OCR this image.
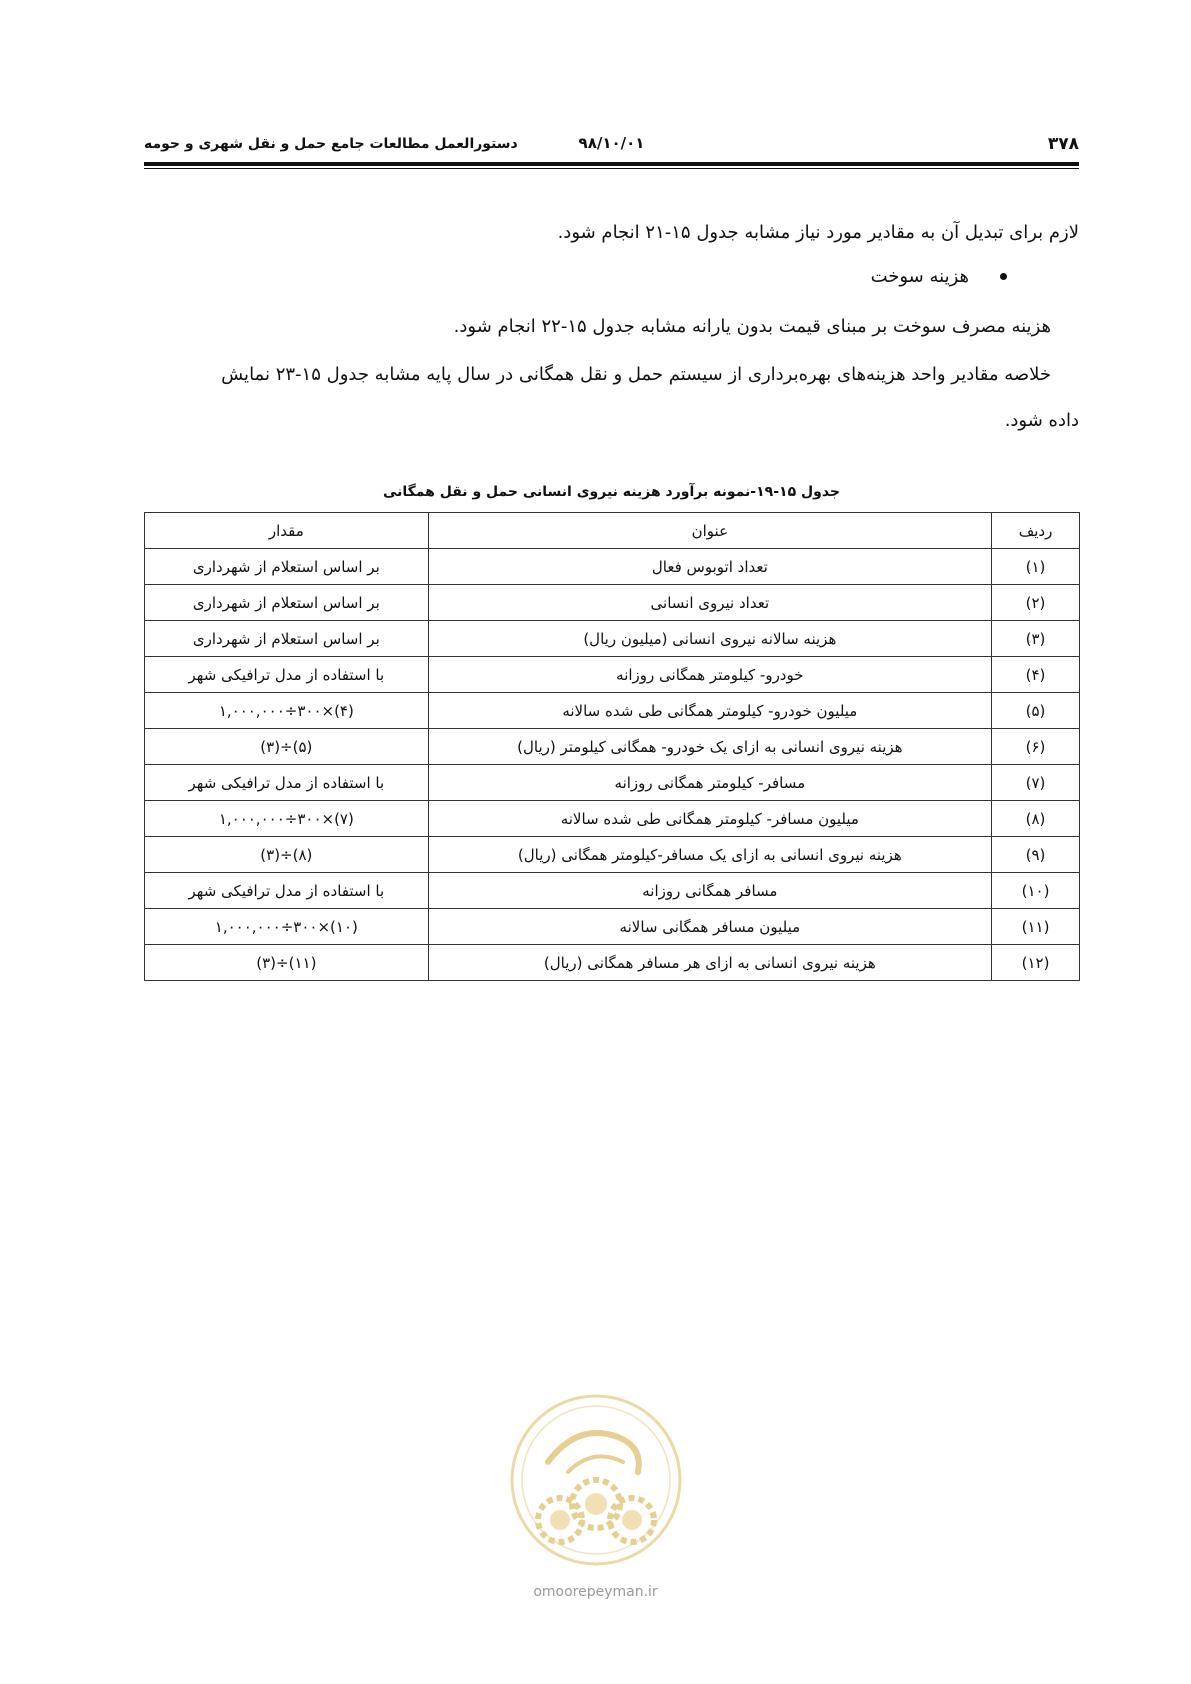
۳۷۸
۹۸/۱۰/۰۱
دستورالعمل مطالعات جامع حمل و نقل شهری و حومه
لازم برای تبدیل آن به مقادیر مورد نیاز مشابه جدول ۱۵-۲۱ انجام شود.
هزینه سوخت
هزینه مصرف سوخت بر مبنای قیمت بدون یارانه مشابه جدول ۱۵-۲۲ انجام شود.
خلاصه مقادیر واحد هزینه‌های بهره‌برداری از سیستم حمل و نقل همگانی در سال پایه مشابه جدول ۱۵-۲۳ نمایش
داده شود.
جدول ۱۵-۱۹-نمونه برآورد هزینه نیروی انسانی حمل و نقل همگانی
ردیف	عنوان	مقدار
(۱)	تعداد اتوبوس فعال	بر اساس استعلام از شهرداری
(۲)	تعداد نیروی انسانی	بر اساس استعلام از شهرداری
(۳)	هزینه سالانه نیروی انسانی (میلیون ریال)	بر اساس استعلام از شهرداری
(۴)	خودرو- کیلومتر همگانی روزانه	با استفاده از مدل ترافیکی شهر
(۵)	میلیون خودرو- کیلومتر همگانی طی شده سالانه	(۴)×۳۰۰÷۱,۰۰۰,۰۰۰
(۶)	هزینه نیروی انسانی به ازای یک خودرو- همگانی کیلومتر (ریال)	(۵)÷(۳)
(۷)	مسافر- کیلومتر همگانی روزانه	با استفاده از مدل ترافیکی شهر
(۸)	میلیون مسافر- کیلومتر همگانی طی شده سالانه	(۷)×۳۰۰÷۱,۰۰۰,۰۰۰
(۹)	هزینه نیروی انسانی به ازای یک مسافر-کیلومتر همگانی (ریال)	(۸)÷(۳)
(۱۰)	مسافر همگانی روزانه	با استفاده از مدل ترافیکی شهر
(۱۱)	میلیون مسافر همگانی سالانه	(۱۰)×۳۰۰÷۱,۰۰۰,۰۰۰
(۱۲)	هزینه نیروی انسانی به ازای هر مسافر همگانی (ریال)	(۱۱)÷(۳)
omoorepeyman.ir
